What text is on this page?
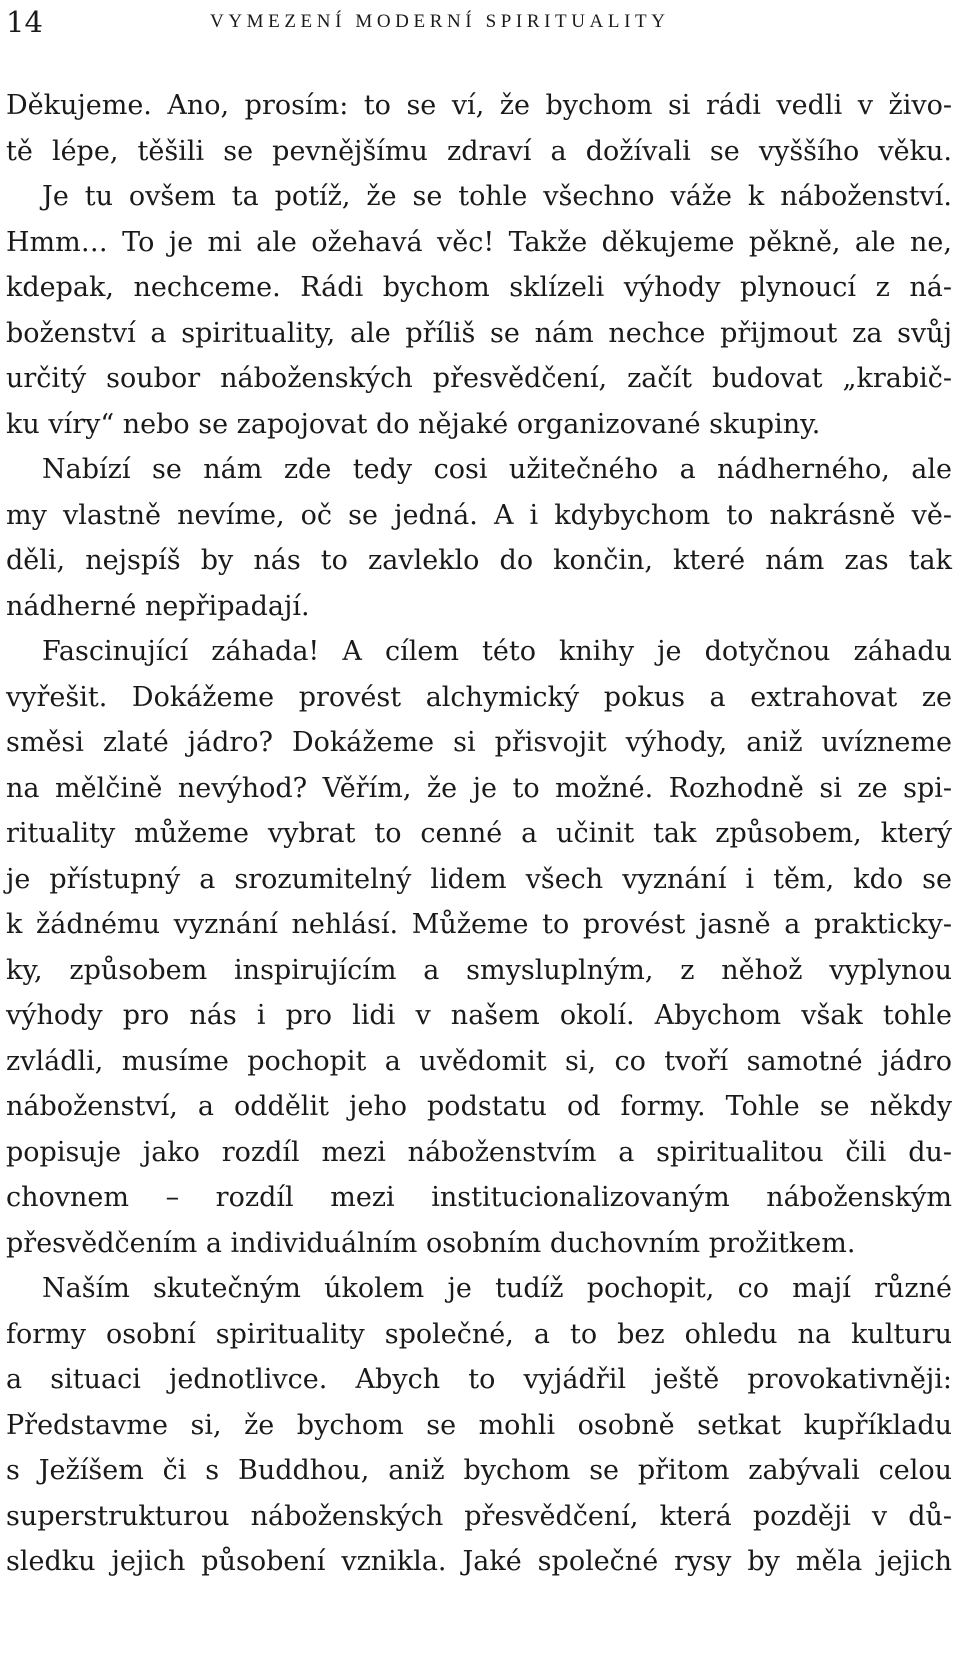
14	VYMEZENÍ MODERNÍ SPIRITUALITY
Děkujeme. Ano, prosím: to se ví, že bychom si rádi vedli v živo-
tě lépe, těšili se pevnějšímu zdraví a dožívali se vyššího věku.
Je tu ovšem ta potíž, že se tohle všechno váže k náboženství.
Hmm… To je mi ale ožehavá věc! Takže děkujeme pěkně, ale ne,
kdepak, nechceme. Rádi bychom sklízeli výhody plynoucí z ná-
boženství a spirituality, ale příliš se nám nechce přijmout za svůj
určitý soubor náboženských přesvědčení, začít budovat „krabič-
ku víry“ nebo se zapojovat do nějaké organizované skupiny.
Nabízí se nám zde tedy cosi užitečného a nádherného, ale
my vlastně nevíme, oč se jedná. A i kdybychom to nakrásně vě-
děli, nejspíš by nás to zavleklo do končin, které nám zas tak
nádherné nepřipadají.
Fascinující záhada! A cílem této knihy je dotyčnou záhadu
vyřešit. Dokážeme provést alchymický pokus a extrahovat ze
směsi zlaté jádro? Dokážeme si přisvojit výhody, aniž uvízneme
na mělčině nevýhod? Věřím, že je to možné. Rozhodně si ze spi-
rituality můžeme vybrat to cenné a učinit tak způsobem, který
je přístupný a srozumitelný lidem všech vyznání i těm, kdo se
k žádnému vyznání nehlásí. Můžeme to provést jasně a prakticky-
ky, způsobem inspirujícím a smysluplným, z něhož vyplynou
výhody pro nás i pro lidi v našem okolí. Abychom však tohle
zvládli, musíme pochopit a uvědomit si, co tvoří samotné jádro
náboženství, a oddělit jeho podstatu od formy. Tohle se někdy
popisuje jako rozdíl mezi náboženstvím a spiritualitou čili du-
chovnem – rozdíl mezi institucionalizovaným náboženským
přesvědčením a individuálním osobním duchovním prožitkem.
Naším skutečným úkolem je tudíž pochopit, co mají různé
formy osobní spirituality společné, a to bez ohledu na kulturu
a situaci jednotlivce. Abych to vyjádřil ještě provokativněji:
Představme si, že bychom se mohli osobně setkat kupříkladu
s Ježíšem či s Buddhou, aniž bychom se přitom zabývali celou
superstrukturou náboženských přesvědčení, která později v dů-
sledku jejich působení vznikla. Jaké společné rysy by měla jejich
